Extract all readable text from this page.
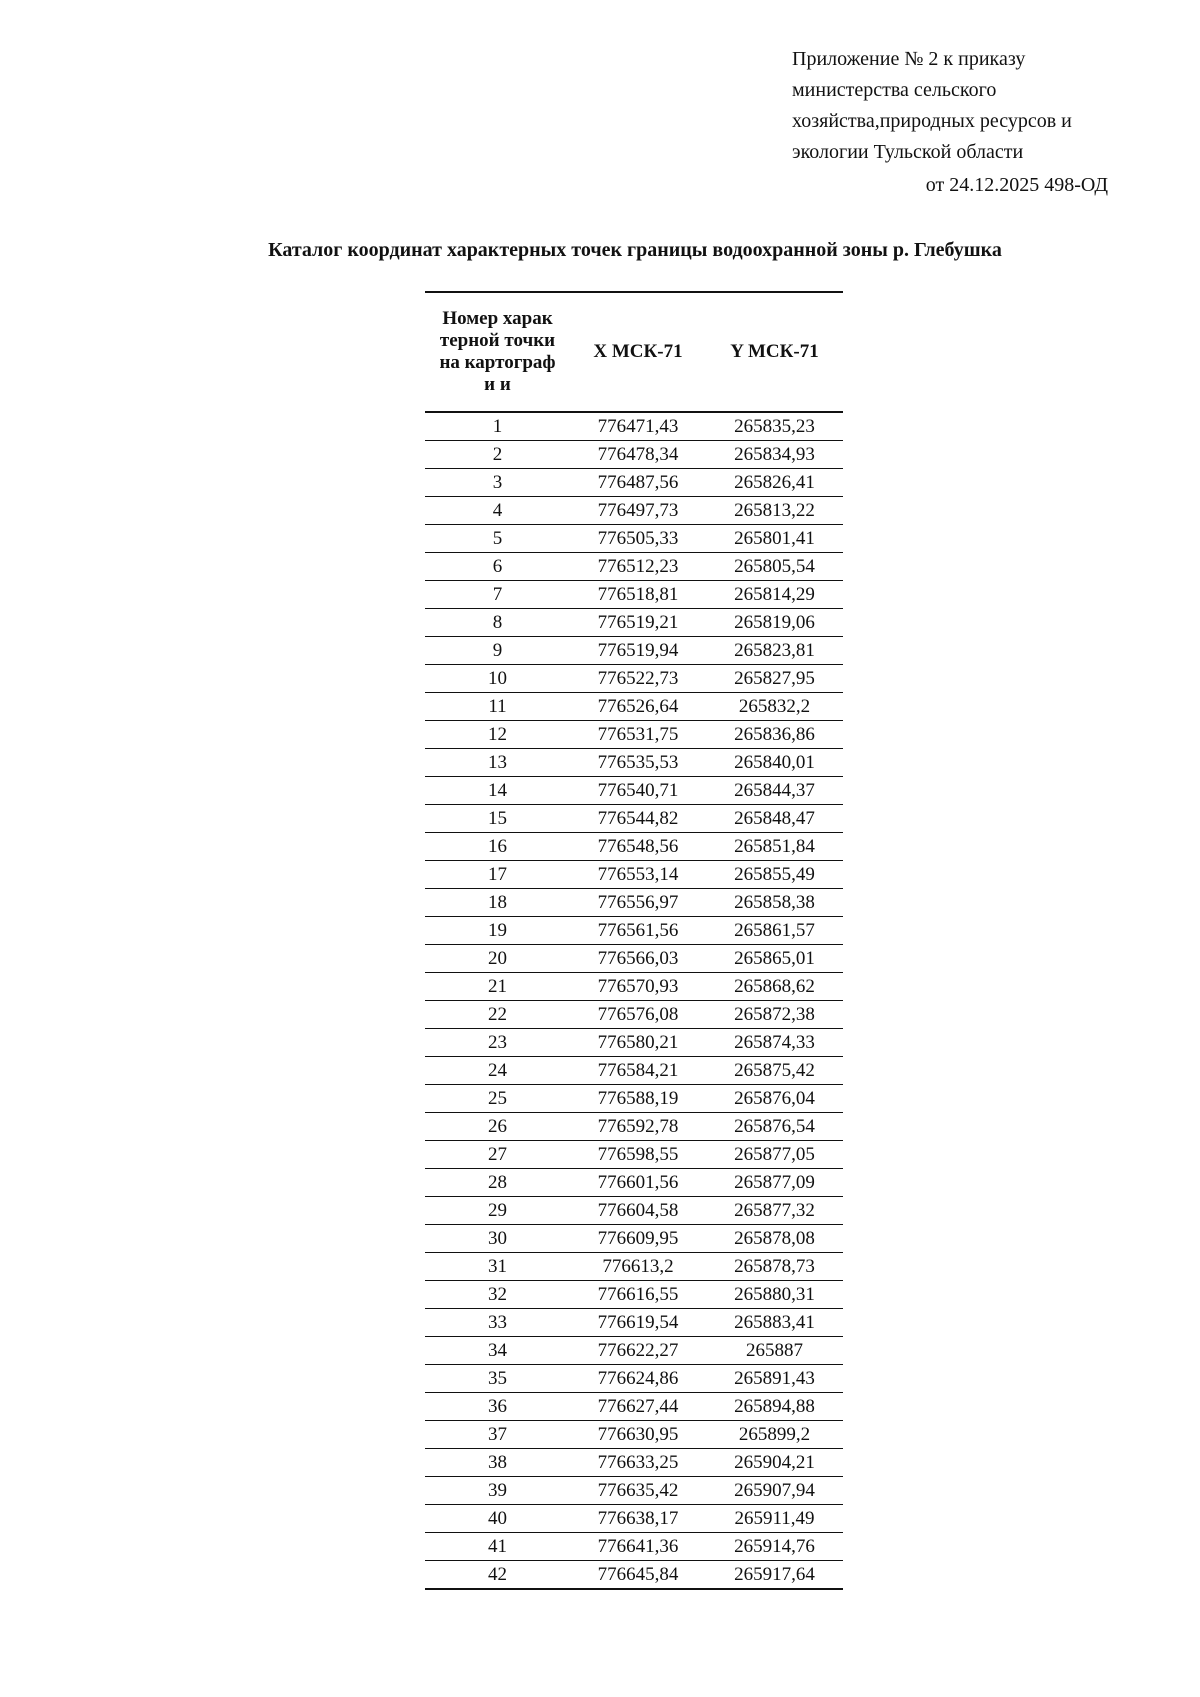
Приложение № 2 к приказу
министерства сельского
хозяйства,природных ресурсов и
экологии Тульской области
от 24.12.2025 498-ОД
Каталог координат характерных точек границы водоохранной зоны р. Глебушка
Номер характерной точки на картографи и	X МСК-71	Y МСК-71
1	776471,43	265835,23
2	776478,34	265834,93
3	776487,56	265826,41
4	776497,73	265813,22
5	776505,33	265801,41
6	776512,23	265805,54
7	776518,81	265814,29
8	776519,21	265819,06
9	776519,94	265823,81
10	776522,73	265827,95
11	776526,64	265832,2
12	776531,75	265836,86
13	776535,53	265840,01
14	776540,71	265844,37
15	776544,82	265848,47
16	776548,56	265851,84
17	776553,14	265855,49
18	776556,97	265858,38
19	776561,56	265861,57
20	776566,03	265865,01
21	776570,93	265868,62
22	776576,08	265872,38
23	776580,21	265874,33
24	776584,21	265875,42
25	776588,19	265876,04
26	776592,78	265876,54
27	776598,55	265877,05
28	776601,56	265877,09
29	776604,58	265877,32
30	776609,95	265878,08
31	776613,2	265878,73
32	776616,55	265880,31
33	776619,54	265883,41
34	776622,27	265887
35	776624,86	265891,43
36	776627,44	265894,88
37	776630,95	265899,2
38	776633,25	265904,21
39	776635,42	265907,94
40	776638,17	265911,49
41	776641,36	265914,76
42	776645,84	265917,64
